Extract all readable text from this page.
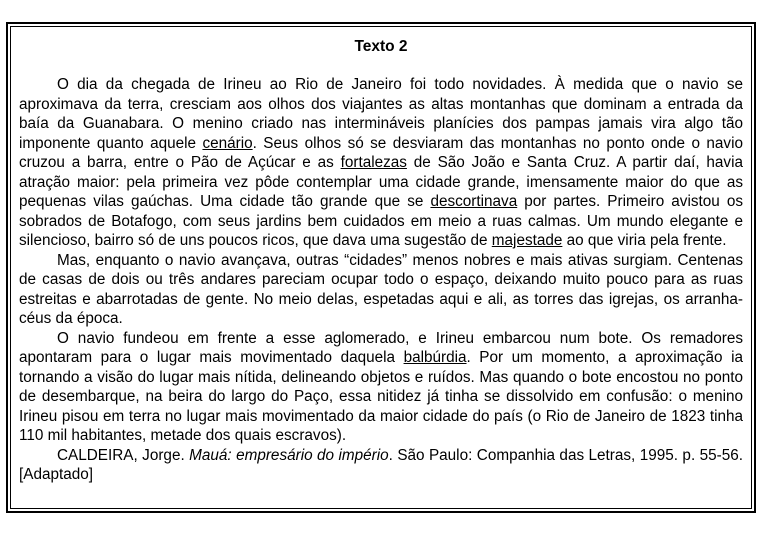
Texto 2

O dia da chegada de Irineu ao Rio de Janeiro foi todo novidades. À medida que o navio se aproximava da terra, cresciam aos olhos dos viajantes as altas montanhas que dominam a entrada da baía da Guanabara. O menino criado nas intermináveis planícies dos pampas jamais vira algo tão imponente quanto aquele cenário. Seus olhos só se desviaram das montanhas no ponto onde o navio cruzou a barra, entre o Pão de Açúcar e as fortalezas de São João e Santa Cruz. A partir daí, havia atração maior: pela primeira vez pôde contemplar uma cidade grande, imensamente maior do que as pequenas vilas gaúchas. Uma cidade tão grande que se descortinava por partes. Primeiro avistou os sobrados de Botafogo, com seus jardins bem cuidados em meio a ruas calmas. Um mundo elegante e silencioso, bairro só de uns poucos ricos, que dava uma sugestão de majestade ao que viria pela frente.

Mas, enquanto o navio avançava, outras “cidades” menos nobres e mais ativas surgiam. Centenas de casas de dois ou três andares pareciam ocupar todo o espaço, deixando muito pouco para as ruas estreitas e abarrotadas de gente. No meio delas, espetadas aqui e ali, as torres das igrejas, os arranha-céus da época.

O navio fundeou em frente a esse aglomerado, e Irineu embarcou num bote. Os remadores apontaram para o lugar mais movimentado daquela balbúrdia. Por um momento, a aproximação ia tornando a visão do lugar mais nítida, delineando objetos e ruídos. Mas quando o bote encostou no ponto de desembarque, na beira do largo do Paço, essa nitidez já tinha se dissolvido em confusão: o menino Irineu pisou em terra no lugar mais movimentado da maior cidade do país (o Rio de Janeiro de 1823 tinha 110 mil habitantes, metade dos quais escravos).

CALDEIRA, Jorge. Mauá: empresário do império. São Paulo: Companhia das Letras, 1995. p. 55-56. [Adaptado]
